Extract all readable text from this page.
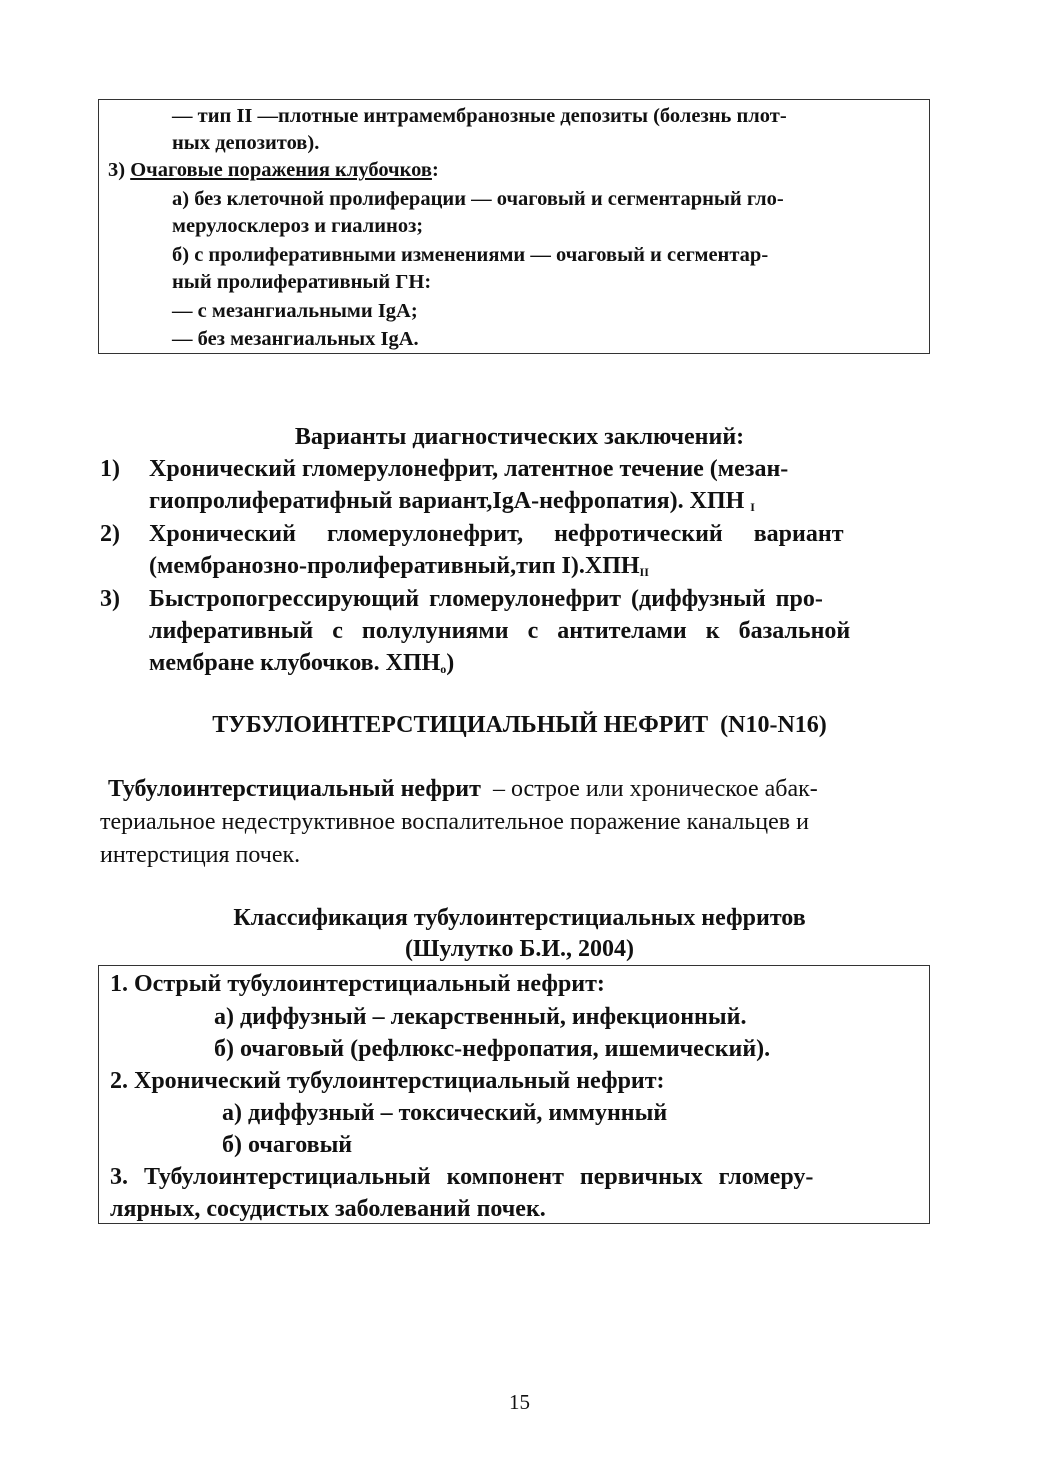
— тип II —плотные интрамембранозные депозиты (болезнь плот-
ных депозитов).
3) Очаговые поражения клубочков:
а) без клеточной пролиферации — очаговый и сегментарный гло-
мерулосклероз и гиалиноз;
б) с пролиферативными изменениями — очаговый и сегментар-
ный пролиферативный ГН:
— с мезангиальными IgA;
— без мезангиальных IgA.
Варианты диагностических заключений:
1) Хронический гломерулонефрит, латентное течение (мезан-
гиопролифератифный вариант,IgA-нефропатия). ХПН $_I$
2) Хронический гломерулонефрит, нефротический вариант
(мембранозно-пролиферативный,тип $I).ХПН_{II}$
3) Быстропогрессирующий гломерулонефрит (диффузный про-
лиферативный с полулуниями с антителами к базальной
мембране клубочков. $ХПН_о$)
ТУБУЛОИНТЕРСТИЦИАЛЬНЫЙ НЕФРИТ  (N10-N16)
Тубулоинтерстициальный нефрит  – острое или хроническое абак-
териальное недеструктивное воспалительное поражение канальцев и
интерстиция почек.
Классификация тубулоинтерстициальных нефритов
(Шулутко Б.И., 2004)
1. Острый тубулоинтерстициальный нефрит:
а) диффузный – лекарственный, инфекционный.
б) очаговый (рефлюкс-нефропатия, ишемический).
2. Хронический тубулоинтерстициальный нефрит:
а) диффузный – токсический, иммунный
б) очаговый
3. Тубулоинтерстициальный компонент первичных гломеру-
лярных, сосудистых заболеваний почек.
15
